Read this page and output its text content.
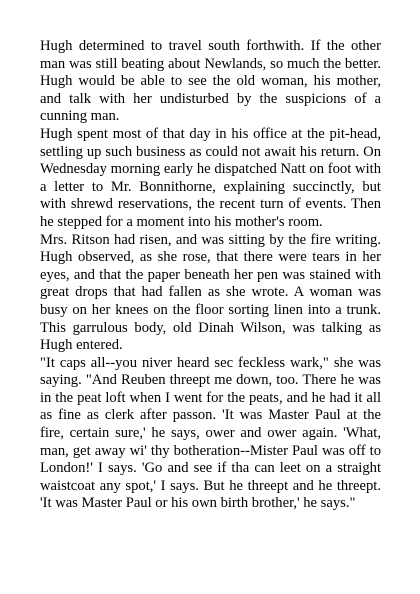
Hugh determined to travel south forthwith. If the other man was still beating about Newlands, so much the better. Hugh would be able to see the old woman, his mother, and talk with her undisturbed by the suspicions of a cunning man.

Hugh spent most of that day in his office at the pit-head, settling up such business as could not await his return. On Wednesday morning early he dispatched Natt on foot with a letter to Mr. Bonnithorne, explaining succinctly, but with shrewd reservations, the recent turn of events. Then he stepped for a moment into his mother's room.

Mrs. Ritson had risen, and was sitting by the fire writing. Hugh observed, as she rose, that there were tears in her eyes, and that the paper beneath her pen was stained with great drops that had fallen as she wrote. A woman was busy on her knees on the floor sorting linen into a trunk. This garrulous body, old Dinah Wilson, was talking as Hugh entered.

"It caps all--you niver heard sec feckless wark," she was saying. "And Reuben threept me down, too. There he was in the peat loft when I went for the peats, and he had it all as fine as clerk after passon. 'It was Master Paul at the fire, certain sure,' he says, ower and ower again. 'What, man, get away wi' thy botheration--Mister Paul was off to London!' I says. 'Go and see if tha can leet on a straight waistcoat any spot,' I says. But he threept and he threept. 'It was Master Paul or his own birth brother,' he says."
